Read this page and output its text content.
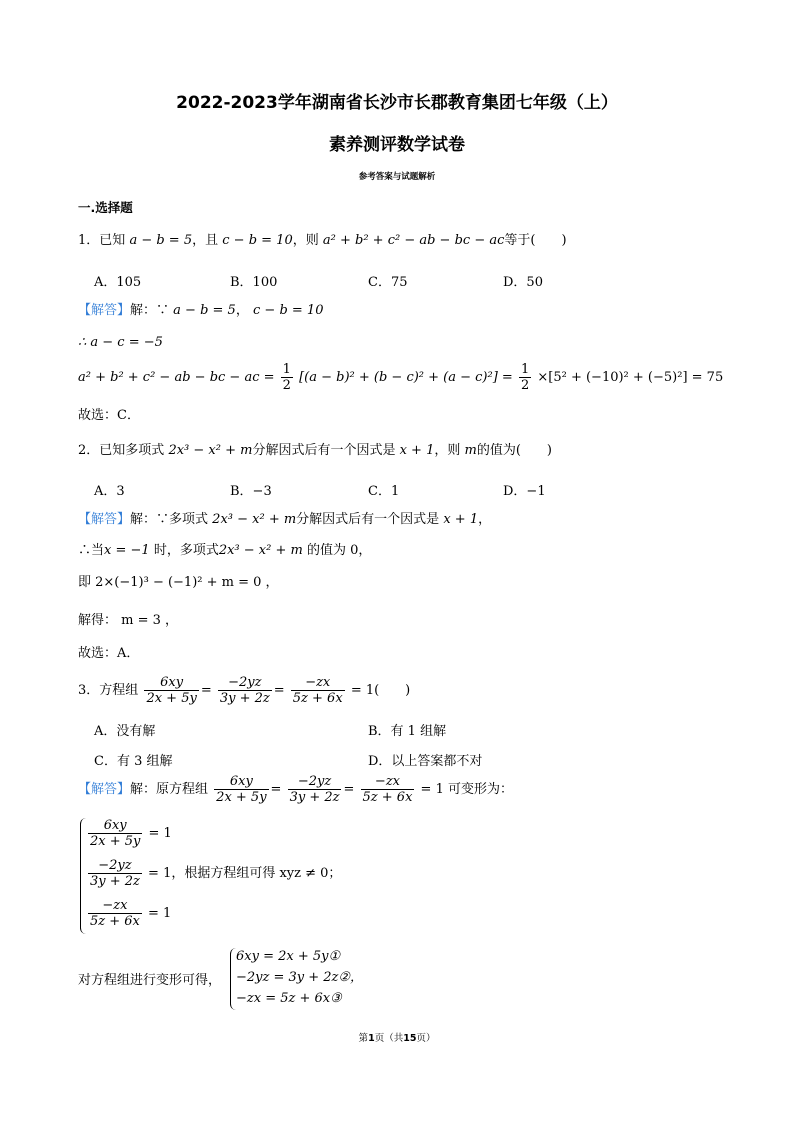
2022-2023学年湖南省长沙市长郡教育集团七年级（上）
素养测评数学试卷
参考答案与试题解析
一.选择题
1．已知 a − b = 5，且 c − b = 10，则 a² + b² + c² − ab − bc − ac等于(　　)
A．105	B．100	C．75	D．50
【解答】解：∵ a − b = 5， c − b = 10
∴ a − c = −5
a² + b² + c² − ab − bc − ac = $\frac{1}{2} [(a - b)^2 + (b - c)^2 + (a - c)^2] = \frac{1}{2} \times[5^2 + (-10)^2 + (-5)^2] = 75$
故选：C．
2．已知多项式 2x³ − x² + m分解因式后有一个因式是 x + 1，则 m的值为(　　)
A．3	B．−3	C．1	D．−1
【解答】解：∵多项式 2x³ − x² + m分解因式后有一个因式是 x + 1，
∴当x = −1 时，多项式2x³ − x² + m 的值为 0，
即 2×(−1)³ − (−1)² + m = 0 ，
解得： m = 3 ，
故选：A．
3．方程组 $\frac{6xy}{2x + 5y} = \frac{-2yz}{3y + 2z} = \frac{-zx}{5z + 6x} = 1$(　　)
A．没有解	B．有 1 组解
C．有 3 组解	D．以上答案都不对
【解答】解：原方程组 $\frac{6xy}{2x + 5y} = \frac{-2yz}{3y + 2z} = \frac{-zx}{5z + 6x} = 1$ 可变形为：
$\frac{6xy}{2x + 5y} = 1$
$\frac{-2yz}{3y + 2z} = 1$，根据方程组可得 xyz ≠ 0；
$\frac{-zx}{5z + 6x} = 1$
对方程组进行变形可得，
6xy = 2x + 5y①
−2yz = 3y + 2z②，
−zx = 5z + 6x③
第1页（共15页）
